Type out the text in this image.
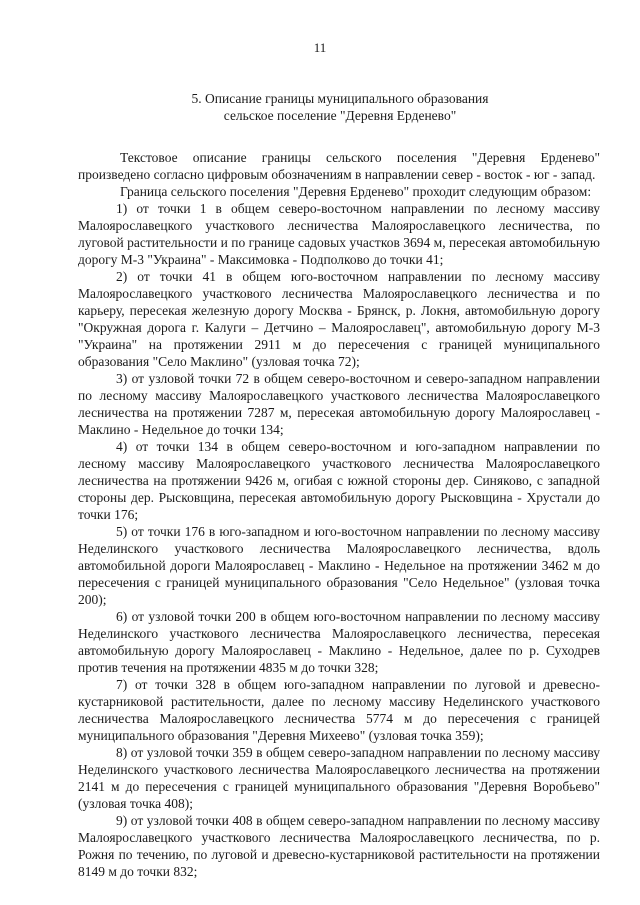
11
5. Описание границы муниципального образования
сельское поселение "Деревня Ерденево"

Текстовое описание границы сельского поселения "Деревня Ерденево" произведено согласно цифровым обозначениям в направлении север - восток - юг - запад.

Граница сельского поселения "Деревня Ерденево" проходит следующим образом:

1) от точки 1 в общем северо-восточном направлении по лесному массиву Малоярославецкого участкового лесничества Малоярославецкого лесничества, по луговой растительности и по границе садовых участков 3694 м, пересекая автомобильную дорогу М-3 "Украина" - Максимовка - Подполково до точки 41;

2) от точки 41 в общем юго-восточном направлении по лесному массиву Малоярославецкого участкового лесничества Малоярославецкого лесничества и по карьеру, пересекая железную дорогу Москва - Брянск, р. Локня, автомобильную дорогу "Окружная дорога г. Калуги – Детчино – Малоярославец", автомобильную дорогу М-3 "Украина" на протяжении 2911 м до пересечения с границей муниципального образования "Село Маклино" (узловая точка 72);

3) от узловой точки 72 в общем северо-восточном и северо-западном направлении по лесному массиву Малоярославецкого участкового лесничества Малоярославецкого лесничества на протяжении 7287 м, пересекая автомобильную дорогу Малоярославец - Маклино - Недельное до точки 134;

4) от точки 134 в общем северо-восточном и юго-западном направлении по лесному массиву Малоярославецкого участкового лесничества Малоярославецкого лесничества на протяжении 9426 м, огибая с южной стороны дер. Синяково, с западной стороны дер. Рысковщина, пересекая автомобильную дорогу Рысковщина - Хрустали до точки 176;

5) от точки 176 в юго-западном и юго-восточном направлении по лесному массиву Неделинского участкового лесничества Малоярославецкого лесничества, вдоль автомобильной дороги Малоярославец - Маклино - Недельное на протяжении 3462 м до пересечения с границей муниципального образования "Село Недельное" (узловая точка 200);

6) от узловой точки 200 в общем юго-восточном направлении по лесному массиву Неделинского участкового лесничества Малоярославецкого лесничества, пересекая автомобильную дорогу Малоярославец - Маклино - Недельное, далее по р. Суходрев против течения на протяжении 4835 м до точки 328;

7) от точки 328 в общем юго-западном направлении по луговой и древесно-кустарниковой растительности, далее по лесному массиву Неделинского участкового лесничества Малоярославецкого лесничества 5774 м до пересечения с границей муниципального образования "Деревня Михеево" (узловая точка 359);

8) от узловой точки 359 в общем северо-западном направлении по лесному массиву Неделинского участкового лесничества Малоярославецкого лесничества на протяжении 2141 м до пересечения с границей муниципального образования "Деревня Воробьево" (узловая точка 408);

9) от узловой точки 408 в общем северо-западном направлении по лесному массиву Малоярославецкого участкового лесничества Малоярославецкого лесничества, по р. Рожня по течению, по луговой и древесно-кустарниковой растительности на протяжении 8149 м до точки 832;
